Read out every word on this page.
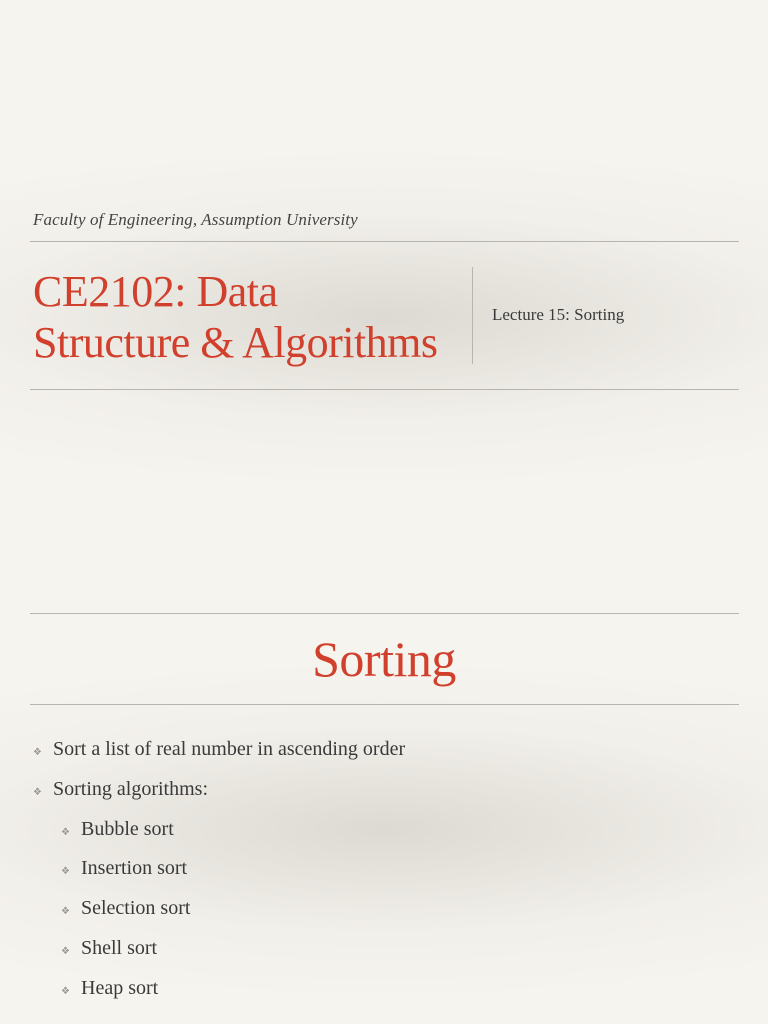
Faculty of Engineering, Assumption University
CE2102: Data
Structure & Algorithms
Lecture 15: Sorting
Sorting
❖ Sort a list of real number in ascending order
❖ Sorting algorithms:
❖ Bubble sort
❖ Insertion sort
❖ Selection sort
❖ Shell sort
❖ Heap sort
